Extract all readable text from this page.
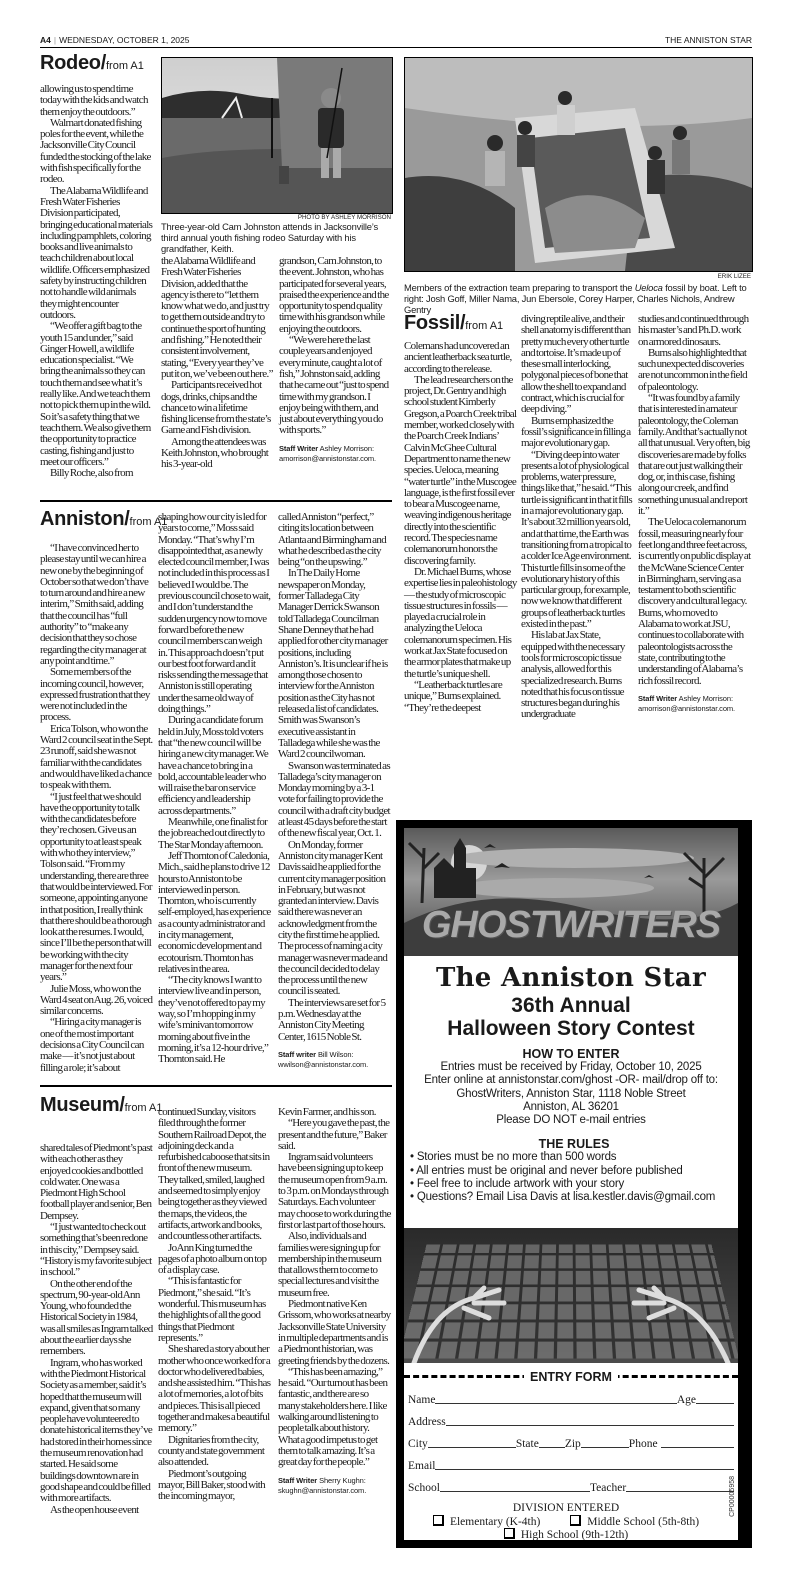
A4 | WEDNESDAY, OCTOBER 1, 2025	THE ANNISTON STAR
Rodeo/from A1
PHOTO BY ASHLEY MORRISON
Three-year-old Cam Johnston attends in Jacksonville’s third annual youth fishing rodeo Saturday with his grandfather, Keith.

allowing us to spend time today with the kids and watch them enjoy the outdoors.”

Walmart donated fishing poles for the event, while the Jacksonville City Council funded the stocking of the lake with fish specifically for the rodeo.

The Alabama Wildlife and Fresh Water Fisheries Division participated, bringing educational materials including pamphlets, coloring books and live animals to teach children about local wildlife. Officers emphasized safety by instructing children not to handle wild animals they might encounter outdoors.

“We offer a gift bag to the youth 15 and under,” said Ginger Howell, a wildlife education specialist. “We bring the animals so they can touch them and see what it’s really like. And we teach them not to pick them up in the wild. So it’s a safety thing that we teach them. We also give them the opportunity to practice casting, fishing and just to meet our officers.”

Billy Roche, also from

the Alabama Wildlife and Fresh Water Fisheries Division, added that the agency is there to “let them know what we do, and just try to get them outside and try to continue the sport of hunting and fishing.” He noted their consistent involvement, stating, “Every year they’ve put it on, we’ve been out here.”

Participants received hot dogs, drinks, chips and the chance to win a lifetime fishing license from the state’s Game and Fish division.

Among the attendees was Keith Johnston, who brought his 3-year-old

grandson, Cam Johnston, to the event. Johnston, who has participated for several years, praised the experience and the opportunity to spend quality time with his grandson while enjoying the outdoors.

“We were here the last couple years and enjoyed every minute, caught a lot of fish,” Johnston said, adding that he came out “just to spend time with my grandson. I enjoy being with them, and just about everything you do with sports.”

Staff Writer Ashley Morrison: amorrison@annistonstar.com.
ERIK LIZEE
Members of the extraction team preparing to transport the Ueloca fossil by boat. Left to right: Josh Goff, Miller Nama, Jun Ebersole, Corey Harper, Charles Nichols, Andrew Gentry
Fossil/from A1

Colemans had uncovered an ancient leatherback sea turtle, according to the release.

The lead researchers on the project, Dr. Gentry and high school student Kimberly Gregson, a Poarch Creek tribal member, worked closely with the Poarch Creek Indians’ Calvin McGhee Cultural Department to name the new species. Ueloca, meaning “water turtle” in the Muscogee language, is the first fossil ever to bear a Muscogee name, weaving indigenous heritage directly into the scientific record. The species name colemanorum honors the discovering family.

Dr. Michael Burns, whose expertise lies in paleohistology — the study of microscopic tissue structures in fossils — played a crucial role in analyzing the Ueloca colemanorum specimen. His work at Jax State focused on the armor plates that make up the turtle’s unique shell.

“Leatherback turtles are unique,” Burns explained. “They’re the deepest

diving reptile alive, and their shell anatomy is different than pretty much every other turtle and tortoise. It’s made up of these small interlocking, polygonal pieces of bone that allow the shell to expand and contract, which is crucial for deep diving.”

Burns emphasized the fossil’s significance in filling a major evolutionary gap.

“Diving deep into water presents a lot of physiological problems, water pressure, things like that,” he said. “This turtle is significant in that it fills in a major evolutionary gap. It’s about 32 million years old, and at that time, the Earth was transitioning from a tropical to a colder Ice Age environment. This turtle fills in some of the evolutionary history of this particular group, for example, now we know that different groups of leatherback turtles existed in the past.”

His lab at Jax State, equipped with the necessary tools for microscopic tissue analysis, allowed for this specialized research. Burns noted that his focus on tissue structures began during his undergraduate

studies and continued through his master’s and Ph.D. work on armored dinosaurs.

Burns also highlighted that such unexpected discoveries are not uncommon in the field of paleontology.

“It was found by a family that is interested in amateur paleontology, the Coleman family. And that’s actually not all that unusual. Very often, big discoveries are made by folks that are out just walking their dog, or, in this case, fishing along our creek, and find something unusual and report it.”

The Ueloca colemanorum fossil, measuring nearly four feet long and three feet across, is currently on public display at the McWane Science Center in Birmingham, serving as a testament to both scientific discovery and cultural legacy. Burns, who moved to Alabama to work at JSU, continues to collaborate with paleontologists across the state, contributing to the understanding of Alabama’s rich fossil record.

Staff Writer Ashley Morrison: amorrison@annistonstar.com.
Anniston/from A1

“I have convinced her to please stay until we can hire a new one by the beginning of October so that we don’t have to turn around and hire a new interim,” Smith said, adding that the council has “full authority” to “make any decision that they so chose regarding the city manager at any point and time.”

Some members of the incoming council, however, expressed frustration that they were not included in the process.

Erica Tolson, who won the Ward 2 council seat in the Sept. 23 runoff, said she was not familiar with the candidates and would have liked a chance to speak with them.

“I just feel that we should have the opportunity to talk with the candidates before they’re chosen. Give us an opportunity to at least speak with who they interview,” Tolson said. “From my understanding, there are three that would be interviewed. For someone, appointing anyone in that position, I really think that there should be a thorough look at the resumes. I would, since I’ll be the person that will be working with the city manager for the next four years.”

Julie Moss, who won the Ward 4 seat on Aug. 26, voiced similar concerns.

“Hiring a city manager is one of the most important decisions a City Council can make — it’s not just about filling a role; it’s about

shaping how our city is led for years to come,” Moss said Monday. “That’s why I’m disappointed that, as a newly elected council member, I was not included in this process as I believed I would be. The previous council chose to wait, and I don’t understand the sudden urgency now to move forward before the new council members can weigh in. This approach doesn’t put our best foot forward and it risks sending the message that Anniston is still operating under the same old way of doing things.”

During a candidate forum held in July, Moss told voters that “the new council will be hiring a new city manager. We have a chance to bring in a bold, accountable leader who will raise the bar on service efficiency and leadership across departments.”

Meanwhile, one finalist for the job reached out directly to The Star Monday afternoon.

Jeff Thornton of Caledonia, Mich., said he plans to drive 12 hours to Anniston to be interviewed in person. Thornton, who is currently self-employed, has experience as a county administrator and in city management, economic development and ecotourism. Thornton has relatives in the area.

“The city knows I want to interview live and in person, they’ve not offered to pay my way, so I’m hopping in my wife’s minivan tomorrow morning about five in the morning, it’s a 12-hour drive,” Thornton said. He

called Anniston “perfect,” citing its location between Atlanta and Birmingham and what he described as the city being “on the upswing.”

In The Daily Home newspaper on Monday, former Talladega City Manager Derrick Swanson told Talladega Councilman Shane Denney that he had applied for other city manager positions, including Anniston’s. It is unclear if he is among those chosen to interview for the Anniston position as the City has not released a list of candidates. Smith was Swanson’s executive assistant in Talladega while she was the Ward 2 councilwoman.

Swanson was terminated as Talladega’s city manager on Monday morning by a 3-1 vote for failing to provide the council with a draft city budget at least 45 days before the start of the new fiscal year, Oct. 1.

On Monday, former Anniston city manager Kent Davis said he applied for the current city manager position in February, but was not granted an interview. Davis said there was never an acknowledgment from the city the first time he applied. The process of naming a city manager was never made and the council decided to delay the process until the new council is seated.

The interviews are set for 5 p.m. Wednesday at the Anniston City Meeting Center, 1615 Noble St.

Staff writer Bill Wilson: wwilson@annistonstar.com.
Museum/from A1

shared tales of Piedmont’s past with each other as they enjoyed cookies and bottled cold water. One was a Piedmont High School football player and senior, Ben Dempsey.

“I just wanted to check out something that’s been redone in this city,” Dempsey said. “History is my favorite subject in school.”

On the other end of the spectrum, 90-year-old Ann Young, who founded the Historical Society in 1984, was all smiles as Ingram talked about the earlier days she remembers.

Ingram, who has worked with the Piedmont Historical Society as a member, said it’s hoped that the museum will expand, given that so many people have volunteered to donate historical items they’ve had stored in their homes since the museum renovation had started. He said some buildings downtown are in good shape and could be filled with more artifacts.

As the open house event

continued Sunday, visitors filed through the former Southern Railroad Depot, the adjoining deck and a refurbished caboose that sits in front of the new museum. They talked, smiled, laughed and seemed to simply enjoy being together as they viewed the maps, the videos, the artifacts, artwork and books, and countless other artifacts.

JoAnn King turned the pages of a photo album on top of a display case.

“This is fantastic for Piedmont,” she said. “It’s wonderful. This museum has the highlights of all the good things that Piedmont represents.”

She shared a story about her mother who once worked for a doctor who delivered babies, and she assisted him. “This has a lot of memories, a lot of bits and pieces. This is all pieced together and makes a beautiful memory.”

Dignitaries from the city, county and state government also attended.

Piedmont’s outgoing mayor, Bill Baker, stood with the incoming mayor,

Kevin Farmer, and his son.

“Here you gave the past, the present and the future,” Baker said.

Ingram said volunteers have been signing up to keep the museum open from 9 a.m. to 3 p.m. on Mondays through Saturdays. Each volunteer may choose to work during the first or last part of those hours.

Also, individuals and families were signing up for membership in the museum that allows them to come to special lectures and visit the museum free.

Piedmont native Ken Grissom, who works at nearby Jacksonville State University in multiple departments and is a Piedmont historian, was greeting friends by the dozens.

“This has been amazing,” he said. “Our turnout has been fantastic, and there are so many stakeholders here. I like walking around listening to people talk about history. What a good impetus to get them to talk amazing. It’s a great day for the people.”

Staff Writer Sherry Kughn: skughn@annistonstar.com.
GHOSTWRITERS
The Anniston Star
36th Annual
Halloween Story Contest
HOW TO ENTER
Entries must be received by Friday, October 10, 2025
Enter online at annistonstar.com/ghost -OR- mail/drop off to:
GhostWriters, Anniston Star, 1118 Noble Street
Anniston, AL 36201
Please DO NOT e-mail entries
THE RULES
• Stories must be no more than 500 words
• All entries must be original and never before published
• Feel free to include artwork with your story
• Questions? Email Lisa Davis at lisa.kestler.davis@gmail.com
ENTRY FORM
Name	Age
Address
City	State Zip	Phone
Email
School	Teacher
DIVISION ENTERED
Elementary (K-4th)	Middle School (5th-8th)
High School (9th-12th)
CP00005958
